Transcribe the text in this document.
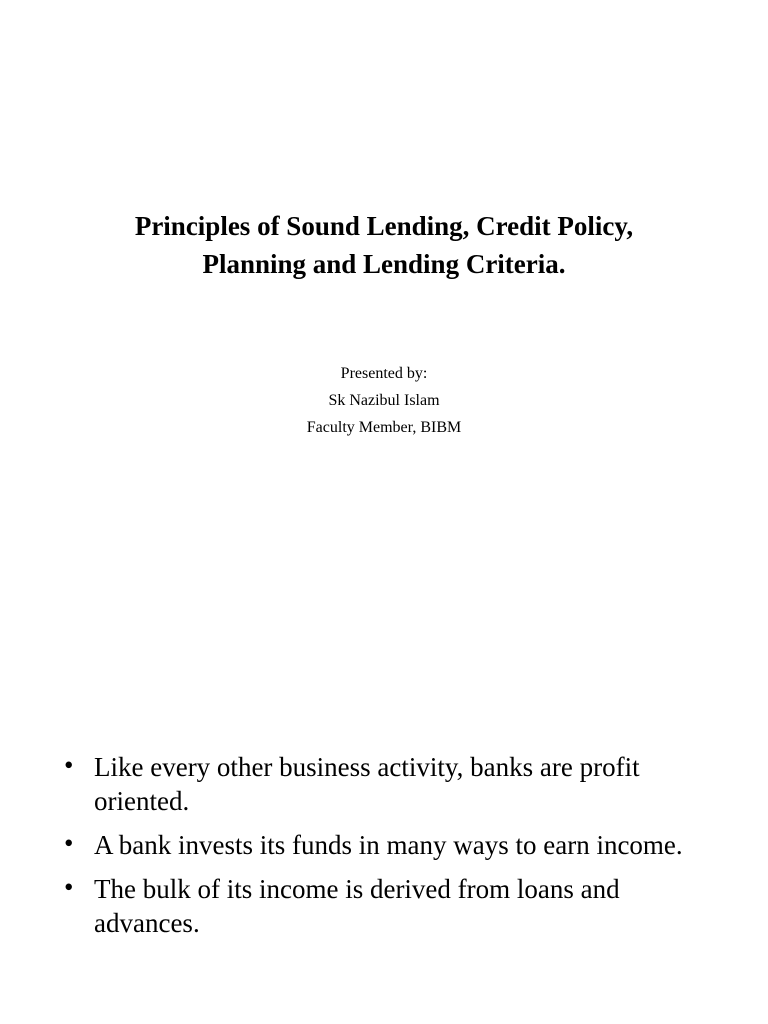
Principles of Sound Lending, Credit Policy,
Planning and Lending Criteria.
Presented by:
Sk Nazibul Islam
Faculty Member, BIBM
• Like every other business activity, banks are profit oriented.
• A bank invests its funds in many ways to earn income.
• The bulk of its income is derived from loans and advances.
